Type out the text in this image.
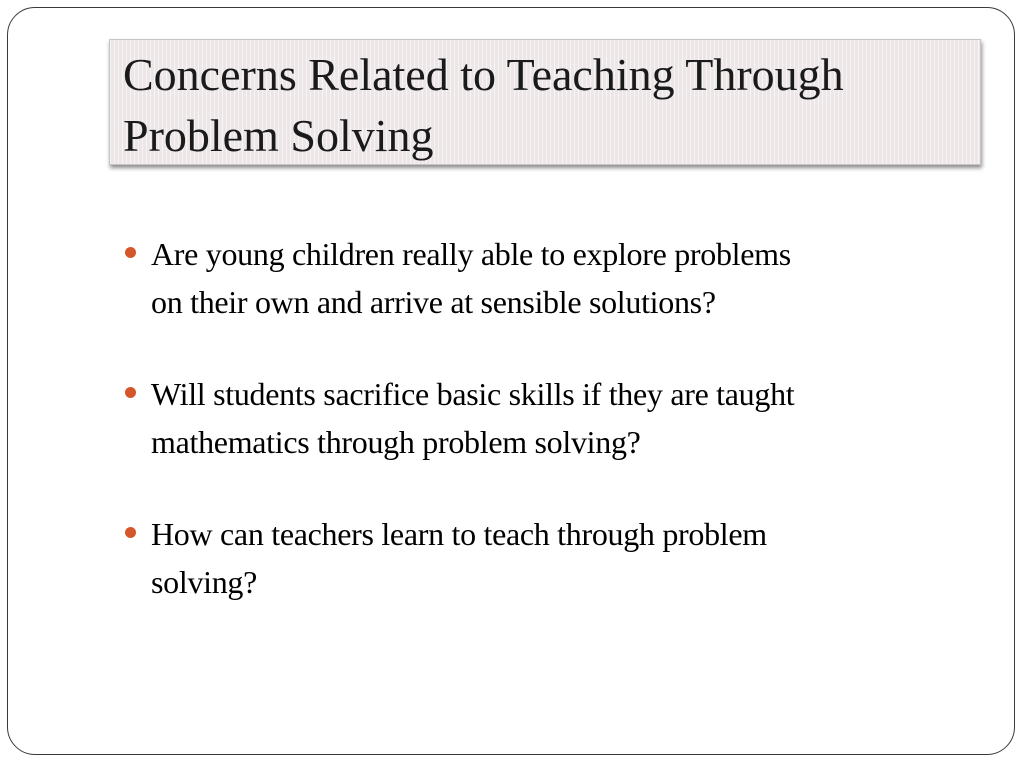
Concerns Related to Teaching Through
Problem Solving
Are young children really able to explore problems
on their own and arrive at sensible solutions?
Will students sacrifice basic skills if they are taught
mathematics through problem solving?
How can teachers learn to teach through problem
solving?
